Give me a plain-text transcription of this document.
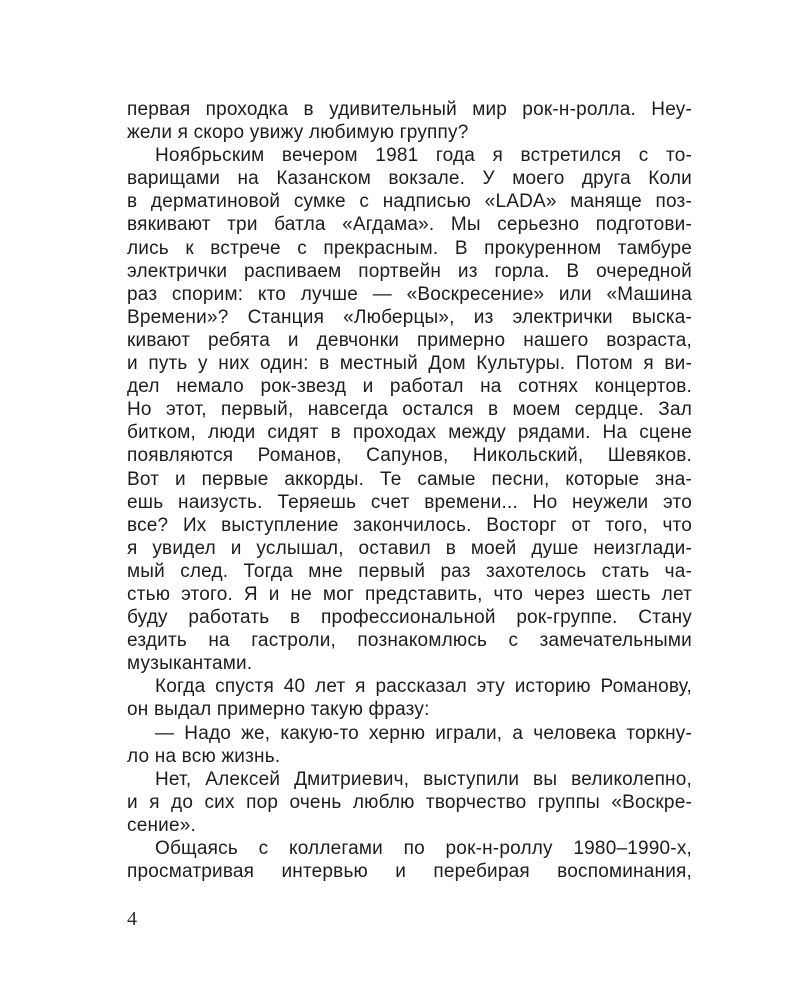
первая проходка в удивительный мир рок-н-ролла. Неу-
жели я скоро увижу любимую группу?
Ноябрьским вечером 1981 года я встретился с то-
варищами на Казанском вокзале. У моего друга Коли
в дерматиновой сумке с надписью «LADA» маняще поз-
вякивают три батла «Агдама». Мы серьезно подготови-
лись к встрече с прекрасным. В прокуренном тамбуре
электрички распиваем портвейн из горла. В очередной
раз спорим: кто лучше — «Воскресение» или «Машина
Времени»? Станция «Люберцы», из электрички выска-
кивают ребята и девчонки примерно нашего возраста,
и путь у них один: в местный Дом Культуры. Потом я ви-
дел немало рок-звезд и работал на сотнях концертов.
Но этот, первый, навсегда остался в моем сердце. Зал
битком, люди сидят в проходах между рядами. На сцене
появляются Романов, Сапунов, Никольский, Шевяков.
Вот и первые аккорды. Те самые песни, которые зна-
ешь наизусть. Теряешь счет времени... Но неужели это
все? Их выступление закончилось. Восторг от того, что
я увидел и услышал, оставил в моей душе неизглади-
мый след. Тогда мне первый раз захотелось стать ча-
стью этого. Я и не мог представить, что через шесть лет
буду работать в профессиональной рок-группе. Стану
ездить на гастроли, познакомлюсь с замечательными
музыкантами.
Когда спустя 40 лет я рассказал эту историю Романову,
он выдал примерно такую фразу:
— Надо же, какую-то херню играли, а человека торкну-
ло на всю жизнь.
Нет, Алексей Дмитриевич, выступили вы великолепно,
и я до сих пор очень люблю творчество группы «Воскре-
сение».
Общаясь с коллегами по рок-н-роллу 1980–1990-х,
просматривая интервью и перебирая воспоминания,
4
